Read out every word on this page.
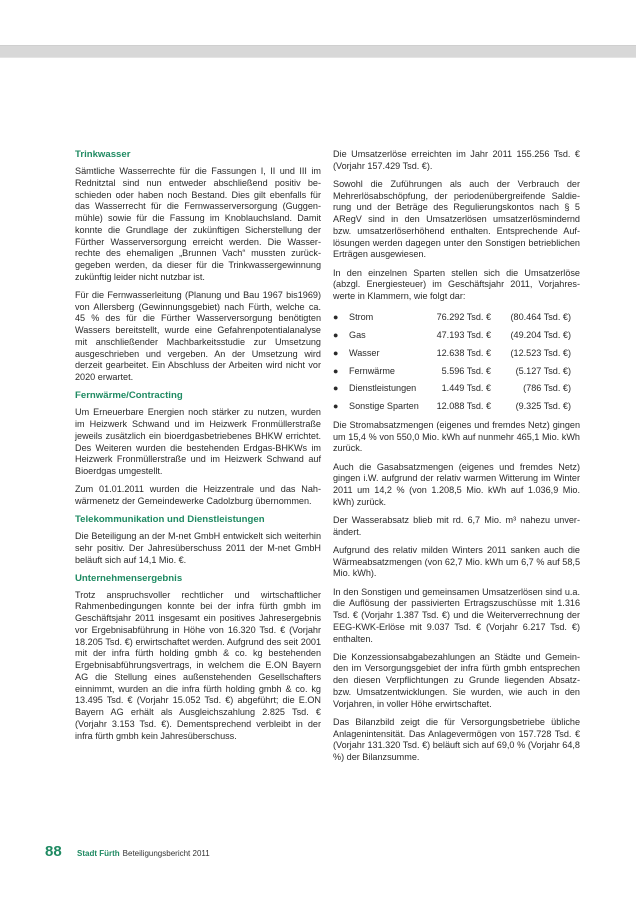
Trinkwasser

Sämtliche Wasserrechte für die Fassungen I, II und III im Rednitztal sind nun entweder abschließend positiv beschieden oder haben noch Bestand. Dies gilt ebenfalls für das Wasserrecht für die Fernwasserversorgung (Guggenmühle) sowie für die Fassung im Knoblauchsland. Damit konnte die Grundlage der zukünftigen Sicherstellung der Fürther Wasserversorgung erreicht werden. Die Wasserrechte des ehemaligen „Brunnen Vach“ mussten zurückgegeben werden, da dieser für die Trinkwassergewinnung zukünftig leider nicht nutzbar ist.

Für die Fernwasserleitung (Planung und Bau 1967 bis1969) von Allersberg (Gewinnungsgebiet) nach Fürth, welche ca. 45 % des für die Fürther Wasserversorgung benötigten Wassers bereitstellt, wurde eine Gefahrenpotentialanalyse mit anschließender Machbarkeitsstudie zur Umsetzung ausgeschrieben und vergeben. An der Umsetzung wird derzeit gearbeitet. Ein Abschluss der Arbeiten wird nicht vor 2020 erwartet.

Fernwärme/Contracting

Um Erneuerbare Energien noch stärker zu nutzen, wurden im Heizwerk Schwand und im Heizwerk Fronmüllerstraße jeweils zusätzlich ein bioerdgasbetriebenes BHKW errichtet. Des Weiteren wurden die bestehenden Erdgas-BHKWs im Heizwerk Fronmüllerstraße und im Heizwerk Schwand auf Bioerdgas umgestellt.

Zum 01.01.2011 wurden die Heizzentrale und das Nahwärmenetz der Gemeindewerke Cadolzburg übernommen.

Telekommunikation und Dienstleistungen

Die Beteiligung an der M-net GmbH entwickelt sich weiterhin sehr positiv. Der Jahresüberschuss 2011 der M-net GmbH beläuft sich auf 14,1 Mio. €.

Unternehmensergebnis

Trotz anspruchsvoller rechtlicher und wirtschaftlicher Rahmenbedingungen konnte bei der infra fürth gmbh im Geschäftsjahr 2011 insgesamt ein positives Jahresergebnis vor Ergebnisabführung in Höhe von 16.320 Tsd. € (Vorjahr 18.205 Tsd. €) erwirtschaftet werden. Aufgrund des seit 2001 mit der infra fürth holding gmbh & co. kg bestehenden Ergebnisabführungsvertrags, in welchem die E.ON Bayern AG die Stellung eines außenstehenden Gesellschafters einnimmt, wurden an die infra fürth holding gmbh & co. kg 13.495 Tsd. € (Vorjahr 15.052 Tsd. €) abgeführt; die E.ON Bayern AG erhält als Ausgleichszahlung 2.825 Tsd. € (Vorjahr 3.153 Tsd. €). Dementsprechend verbleibt in der infra fürth gmbh kein Jahresüberschuss.

Die Umsatzerlöse erreichten im Jahr 2011 155.256 Tsd. € (Vorjahr 157.429 Tsd. €).

Sowohl die Zuführungen als auch der Verbrauch der Mehrerlösabschöpfung, der periodenübergreifende Saldierung und der Beträge des Regulierungskontos nach § 5 ARegV sind in den Umsatzerlösen umsatzerlösmindernd bzw. umsatzerlöserhöhend enthalten. Entsprechende Auflösungen werden dagegen unter den Sonstigen betrieblichen Erträgen ausgewiesen.

In den einzelnen Sparten stellen sich die Umsatzerlöse (abzgl. Energiesteuer) im Geschäftsjahr 2011, Vorjahreswerte in Klammern, wie folgt dar:

●	Strom	76.292 Tsd. €	(80.464 Tsd. €)
●	Gas	47.193 Tsd. €	(49.204 Tsd. €)
●	Wasser	12.638 Tsd. €	(12.523 Tsd. €)
●	Fernwärme	5.596 Tsd. €	(5.127 Tsd. €)
●	Dienstleistungen	1.449 Tsd. €	(786 Tsd. €)
●	Sonstige Sparten	12.088 Tsd. €	(9.325 Tsd. €)

Die Stromabsatzmengen (eigenes und fremdes Netz) gingen um 15,4 % von 550,0 Mio. kWh auf nunmehr 465,1 Mio. kWh zurück.

Auch die Gasabsatzmengen (eigenes und fremdes Netz) gingen i.W. aufgrund der relativ warmen Witterung im Winter 2011 um 14,2 % (von 1.208,5 Mio. kWh auf 1.036,9 Mio. kWh) zurück.

Der Wasserabsatz blieb mit rd. 6,7 Mio. m³ nahezu unverändert.

Aufgrund des relativ milden Winters 2011 sanken auch die Wärmeabsatzmengen (von 62,7 Mio. kWh um 6,7 % auf 58,5 Mio. kWh).

In den Sonstigen und gemeinsamen Umsatzerlösen sind u.a. die Auflösung der passivierten Ertragszuschüsse mit 1.316 Tsd. € (Vorjahr 1.387 Tsd. €) und die Weiterverrechnung der EEG-KWK-Erlöse mit 9.037 Tsd. € (Vorjahr 6.217 Tsd. €) enthalten.

Die Konzessionsabgabezahlungen an Städte und Gemeinden im Versorgungsgebiet der infra fürth gmbh entsprechen den diesen Verpflichtungen zu Grunde liegenden Absatz- bzw. Umsatzentwicklungen. Sie wurden, wie auch in den Vorjahren, in voller Höhe erwirtschaftet.

Das Bilanzbild zeigt die für Versorgungsbetriebe übliche Anlagenintensität. Das Anlagevermögen von 157.728 Tsd. € (Vorjahr 131.320 Tsd. €) beläuft sich auf 69,0 % (Vorjahr 64,8 %) der Bilanzsumme.

88	Stadt Fürth Beteiligungsbericht 2011
